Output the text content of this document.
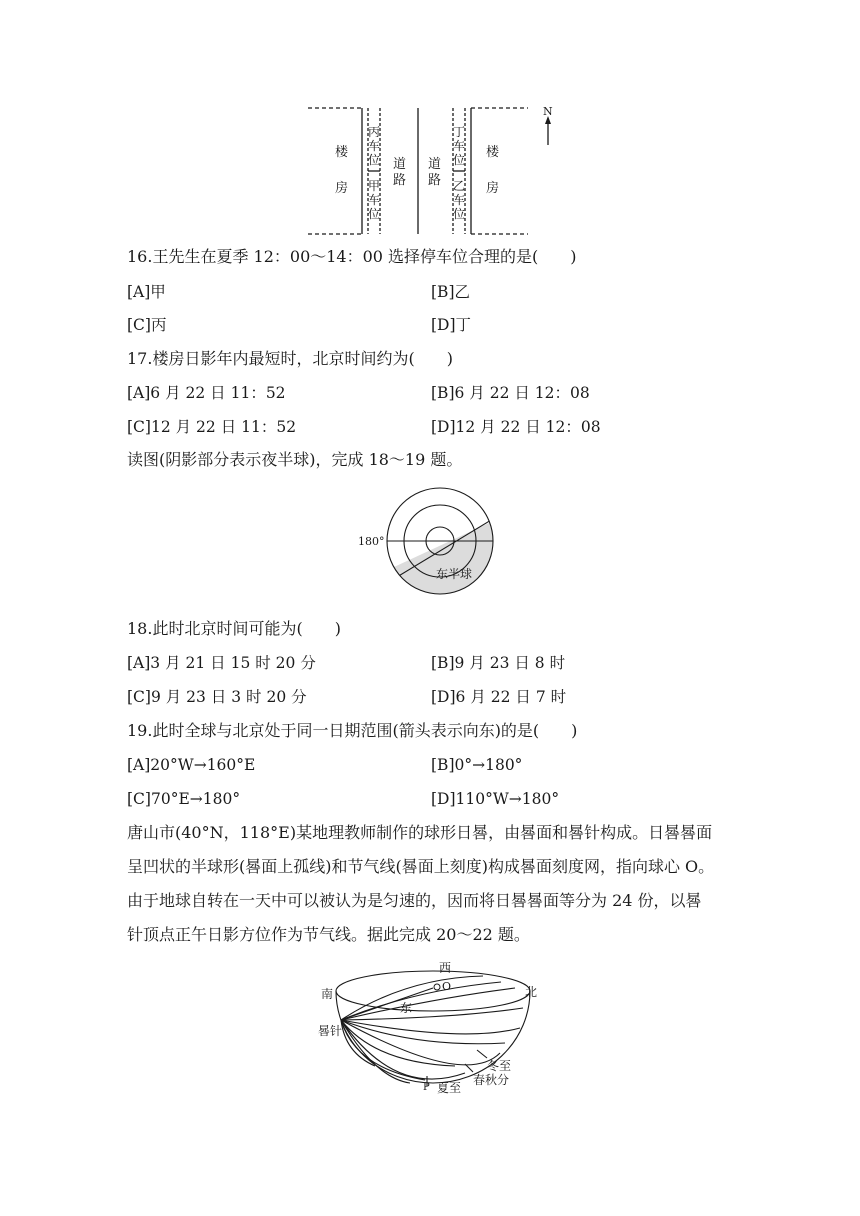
N
楼
房
丙
车
位
甲
车
位
道
路
道
路
丁
车
位
乙
车
位
楼
房
16.王先生在夏季 12：00～14：00 选择停车位合理的是(　　)
[A]甲	[B]乙
[C]丙	[D]丁
17.楼房日影年内最短时，北京时间约为(　　)
[A]6 月 22 日 11：52	[B]6 月 22 日 12：08
[C]12 月 22 日 11：52	[D]12 月 22 日 12：08
读图(阴影部分表示夜半球)，完成 18～19 题。
180°
东半球
18.此时北京时间可能为(　　)
[A]3 月 21 日 15 时 20 分	[B]9 月 23 日 8 时
[C]9 月 23 日 3 时 20 分	[D]6 月 22 日 7 时
19.此时全球与北京处于同一日期范围(箭头表示向东)的是(　　)
[A]20°W→160°E	[B]0°→180°
[C]70°E→180°	[D]110°W→180°
唐山市(40°N，118°E)某地理教师制作的球形日晷，由晷面和晷针构成。日晷晷面
呈凹状的半球形(晷面上孤线)和节气线(晷面上刻度)构成晷面刻度网，指向球心 O。
由于地球自转在一天中可以被认为是匀速的，因而将日晷晷面等分为 24 份，以晷
针顶点正午日影方位作为节气线。据此完成 20～22 题。
西
南	北
东
O
晷针
冬至
春秋分
P 夏至
